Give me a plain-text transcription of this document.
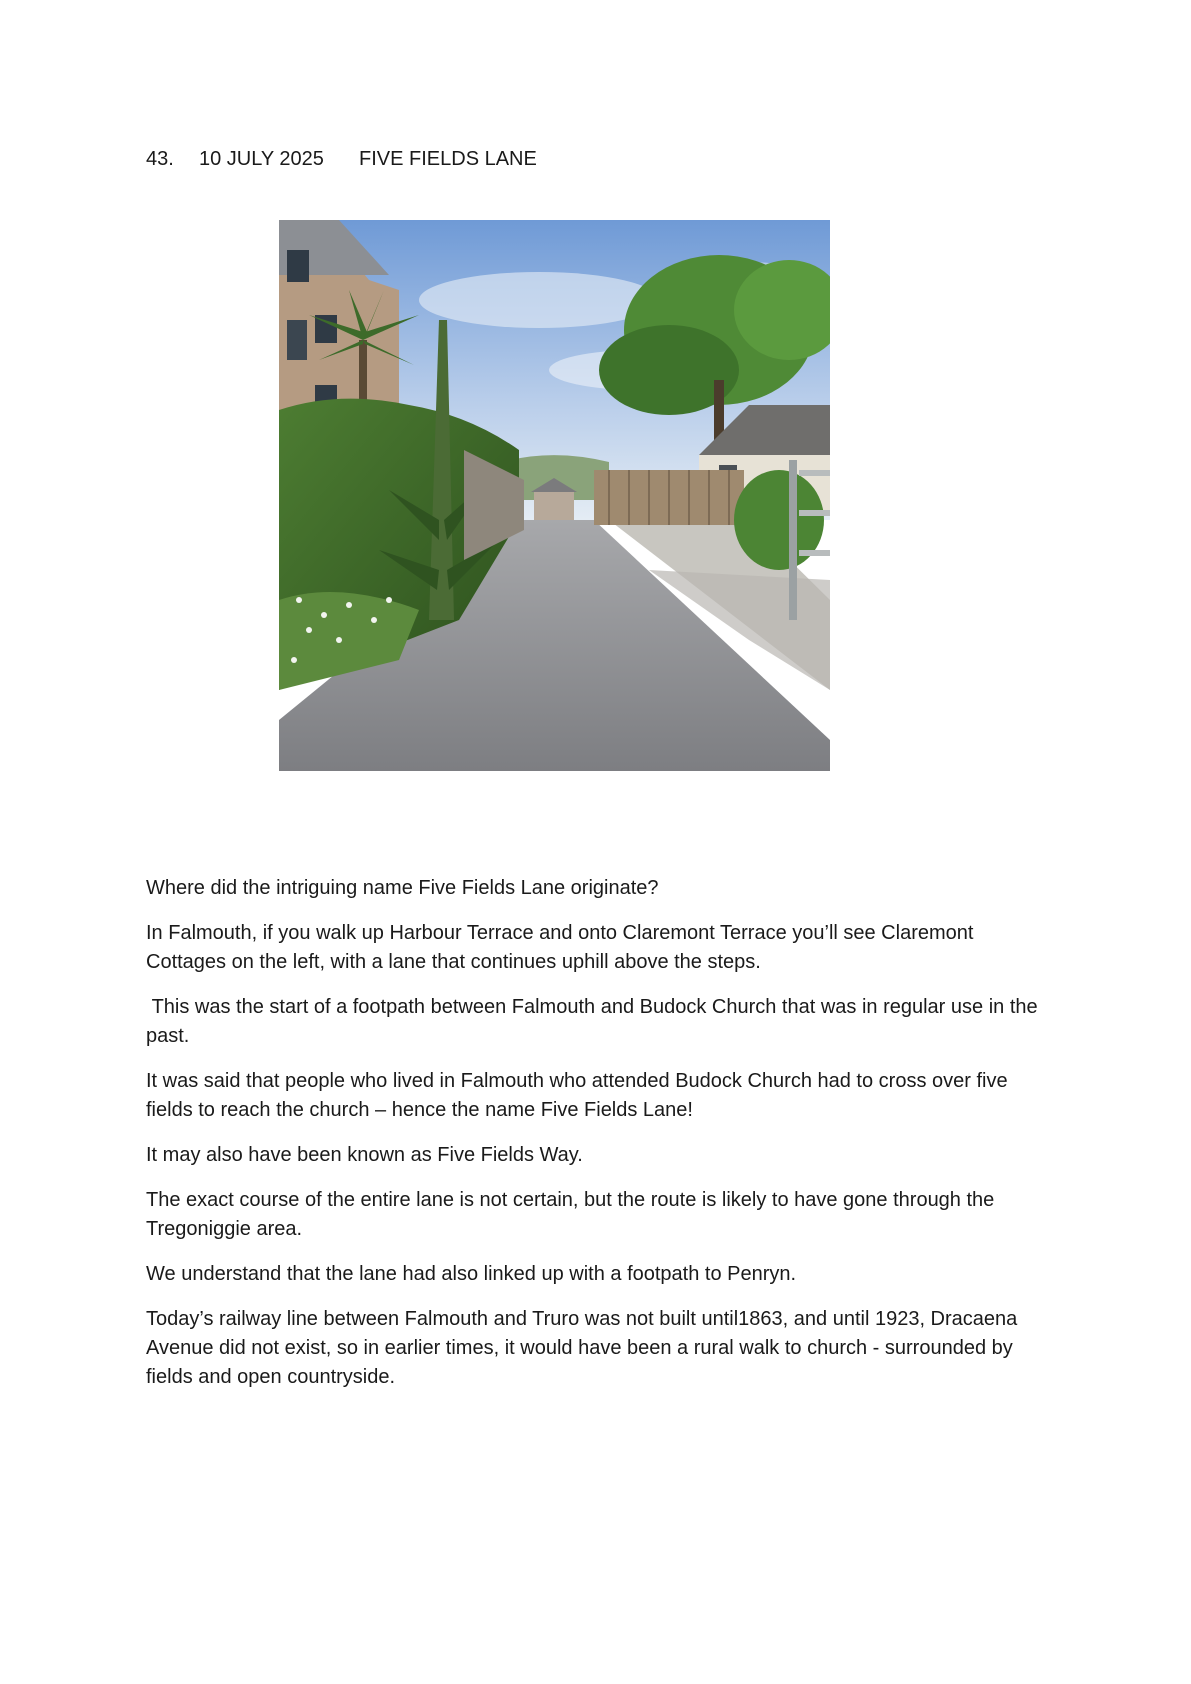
43. 10 JULY 2025 FIVE FIELDS LANE

Where did the intriguing name Five Fields Lane originate?

In Falmouth, if you walk up Harbour Terrace and onto Claremont Terrace you’ll see Claremont Cottages on the left, with a lane that continues uphill above the steps.

This was the start of a footpath between Falmouth and Budock Church that was in regular use in the past.

It was said that people who lived in Falmouth who attended Budock Church had to cross over five fields to reach the church – hence the name Five Fields Lane!

It may also have been known as Five Fields Way.

The exact course of the entire lane is not certain, but the route is likely to have gone through the Tregoniggie area.

We understand that the lane had also linked up with a footpath to Penryn.

Today’s railway line between Falmouth and Truro was not built until1863, and until 1923, Dracaena Avenue did not exist, so in earlier times, it would have been a rural walk to church - surrounded by fields and open countryside.
